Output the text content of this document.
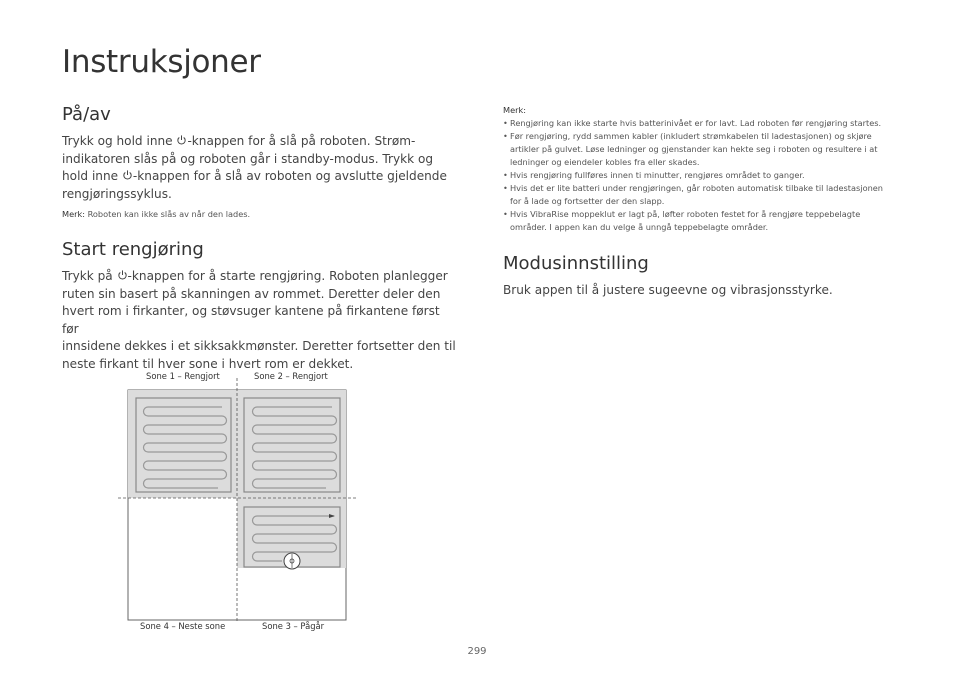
Instruksjoner
På/av
Trykk og hold inne -knappen for å slå på roboten. Strøm-
indikatoren slås på og roboten går i standby-modus. Trykk og
hold inne -knappen for å slå av roboten og avslutte gjeldende
rengjøringssyklus.
Merk: Roboten kan ikke slås av når den lades.
Start rengjøring
Trykk på -knappen for å starte rengjøring. Roboten planlegger
ruten sin basert på skanningen av rommet. Deretter deler den
hvert rom i firkanter, og støvsuger kantene på firkantene først før
innsidene dekkes i et sikksakkmønster. Deretter fortsetter den til
neste firkant til hver sone i hvert rom er dekket.
Sone 1 – Rengjort	Sone 2 – Rengjort
Sone 4 – Neste sone	Sone 3 – Pågår
Merk:
• Rengjøring kan ikke starte hvis batterinivået er for lavt. Lad roboten før rengjøring startes.
• Før rengjøring, rydd sammen kabler (inkludert strømkabelen til ladestasjonen) og skjøre
artikler på gulvet. Løse ledninger og gjenstander kan hekte seg i roboten og resultere i at
ledninger og eiendeler kobles fra eller skades.
• Hvis rengjøring fullføres innen ti minutter, rengjøres området to ganger.
• Hvis det er lite batteri under rengjøringen, går roboten automatisk tilbake til ladestasjonen
for å lade og fortsetter der den slapp.
• Hvis VibraRise moppeklut er lagt på, løfter roboten festet for å rengjøre teppebelagte
områder. I appen kan du velge å unngå teppebelagte områder.
Modusinnstilling
Bruk appen til å justere sugeevne og vibrasjonsstyrke.
299
